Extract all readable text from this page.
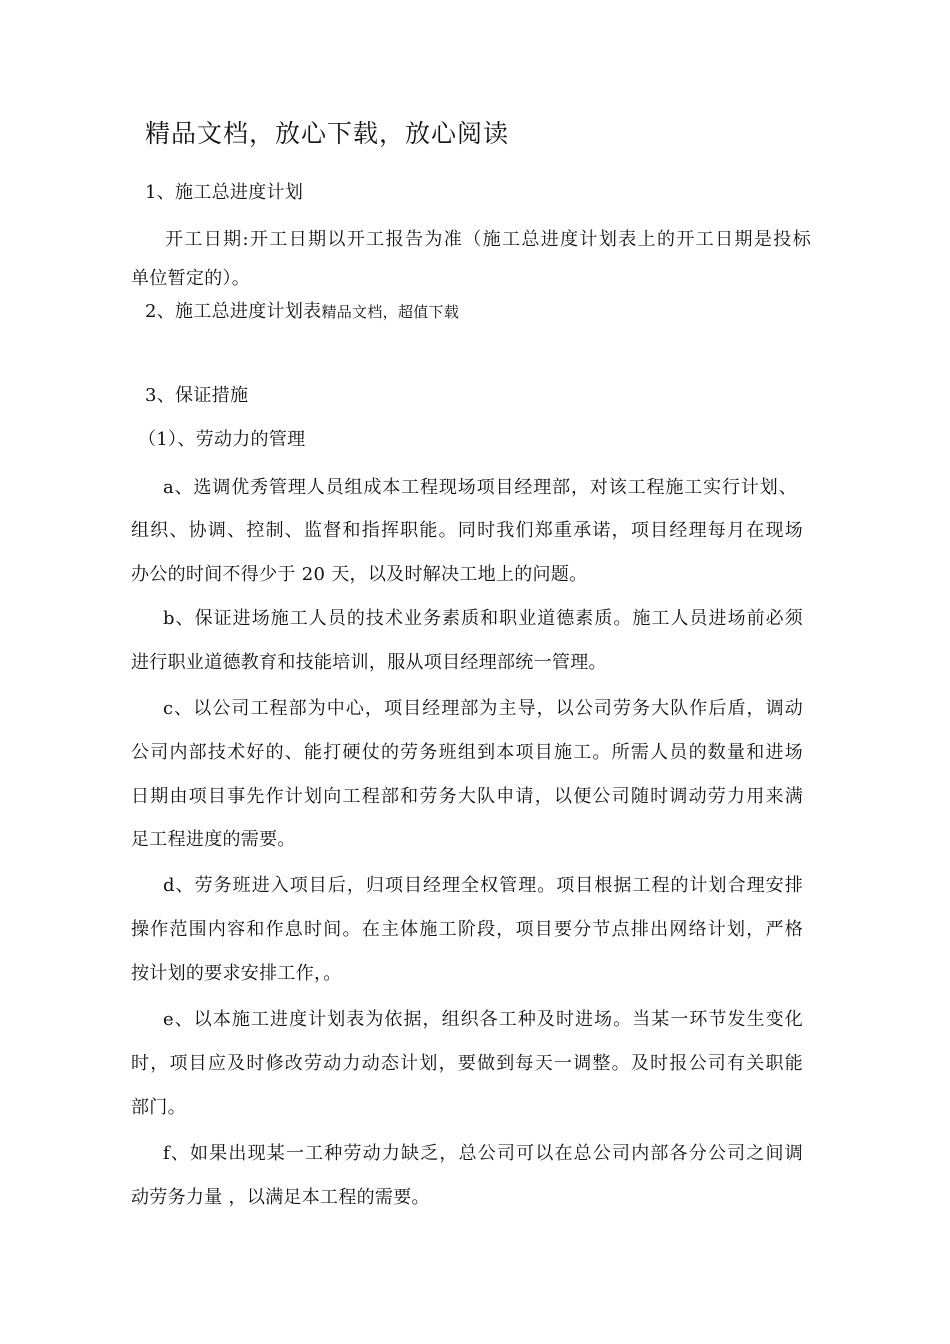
精品文档，放心下载，放心阅读
1、施工总进度计划
开工日期:开工日期以开工报告为准（施工总进度计划表上的开工日期是投标
单位暂定的）。
2、施工总进度计划表精品文档，超值下载
3、保证措施
（1）、劳动力的管理
a、选调优秀管理人员组成本工程现场项目经理部，对该工程施工实行计划、
组织、协调、控制、监督和指挥职能。同时我们郑重承诺，项目经理每月在现场
办公的时间不得少于 20 天，以及时解决工地上的问题。
b、保证进场施工人员的技术业务素质和职业道德素质。施工人员进场前必须
进行职业道德教育和技能培训，服从项目经理部统一管理。
c、以公司工程部为中心，项目经理部为主导，以公司劳务大队作后盾，调动
公司内部技术好的、能打硬仗的劳务班组到本项目施工。所需人员的数量和进场
日期由项目事先作计划向工程部和劳务大队申请，以便公司随时调动劳力用来满
足工程进度的需要。
d、劳务班进入项目后，归项目经理全权管理。项目根据工程的计划合理安排
操作范围内容和作息时间。在主体施工阶段，项目要分节点排出网络计划，严格
按计划的要求安排工作，。
e、以本施工进度计划表为依据，组织各工种及时进场。当某一环节发生变化
时，项目应及时修改劳动力动态计划，要做到每天一调整。及时报公司有关职能
部门。
f、如果出现某一工种劳动力缺乏，总公司可以在总公司内部各分公司之间调
动劳务力量 ，以满足本工程的需要。
